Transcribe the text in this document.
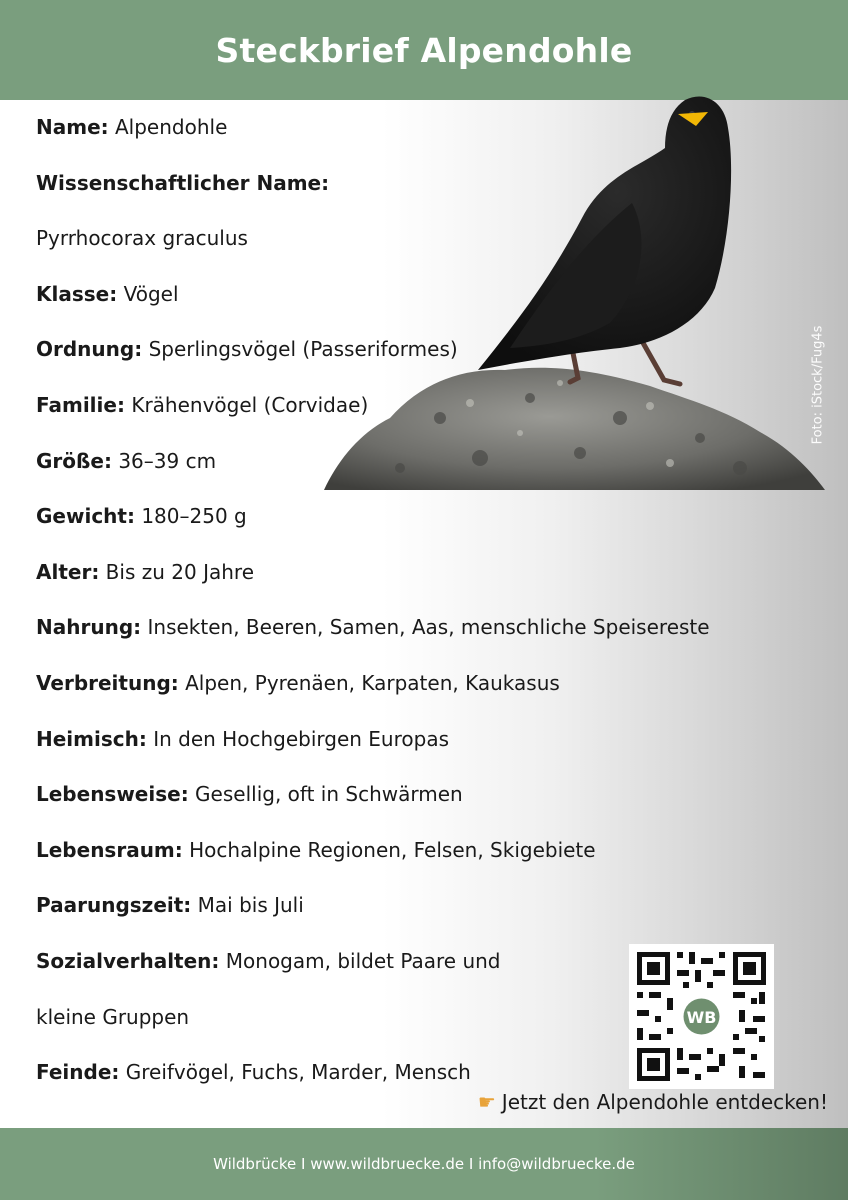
Steckbrief Alpendohle
Foto: iStock/Fug4s
Name: Alpendohle
Wissenschaftlicher Name:
Pyrrhocorax graculus
Klasse: Vögel
Ordnung: Sperlingsvögel (Passeriformes)
Familie: Krähenvögel (Corvidae)
Größe: 36–39 cm
Gewicht: 180–250 g
Alter: Bis zu 20 Jahre
Nahrung: Insekten, Beeren, Samen, Aas, menschliche Speisereste
Verbreitung: Alpen, Pyrenäen, Karpaten, Kaukasus
Heimisch: In den Hochgebirgen Europas
Lebensweise: Gesellig, oft in Schwärmen
Lebensraum: Hochalpine Regionen, Felsen, Skigebiete
Paarungszeit: Mai bis Juli
Sozialverhalten: Monogam, bildet Paare und
kleine Gruppen
Feinde: Greifvögel, Fuchs, Marder, Mensch
WB
☛ Jetzt den Alpendohle entdecken!
Wildbrücke I www.wildbruecke.de I info@wildbruecke.de
